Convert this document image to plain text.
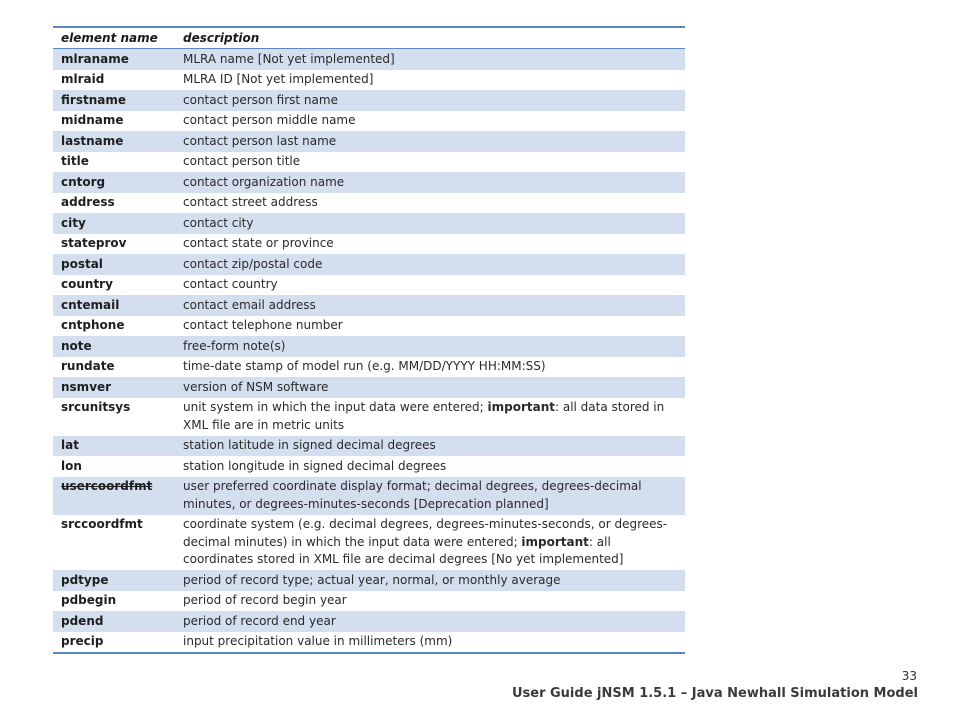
element name	description
mlraname	MLRA name [Not yet implemented]
mlraid	MLRA ID [Not yet implemented]
firstname	contact person first name
midname	contact person middle name
lastname	contact person last name
title	contact person title
cntorg	contact organization name
address	contact street address
city	contact city
stateprov	contact state or province
postal	contact zip/postal code
country	contact country
cntemail	contact email address
cntphone	contact telephone number
note	free-form note(s)
rundate	time-date stamp of model run (e.g. MM/DD/YYYY HH:MM:SS)
nsmver	version of NSM software
srcunitsys	unit system in which the input data were entered; important: all data stored in XML file are in metric units
lat	station latitude in signed decimal degrees
lon	station longitude in signed decimal degrees
usercoordfmt	user preferred coordinate display format; decimal degrees, degrees-decimal minutes, or degrees-minutes-seconds [Deprecation planned]
srccoordfmt	coordinate system (e.g. decimal degrees, degrees-minutes-seconds, or degrees-decimal minutes) in which the input data were entered; important: all coordinates stored in XML file are decimal degrees [No yet implemented]
pdtype	period of record type; actual year, normal, or monthly average
pdbegin	period of record begin year
pdend	period of record end year
precip	input precipitation value in millimeters (mm)
33
User Guide jNSM 1.5.1 – Java Newhall Simulation Model
